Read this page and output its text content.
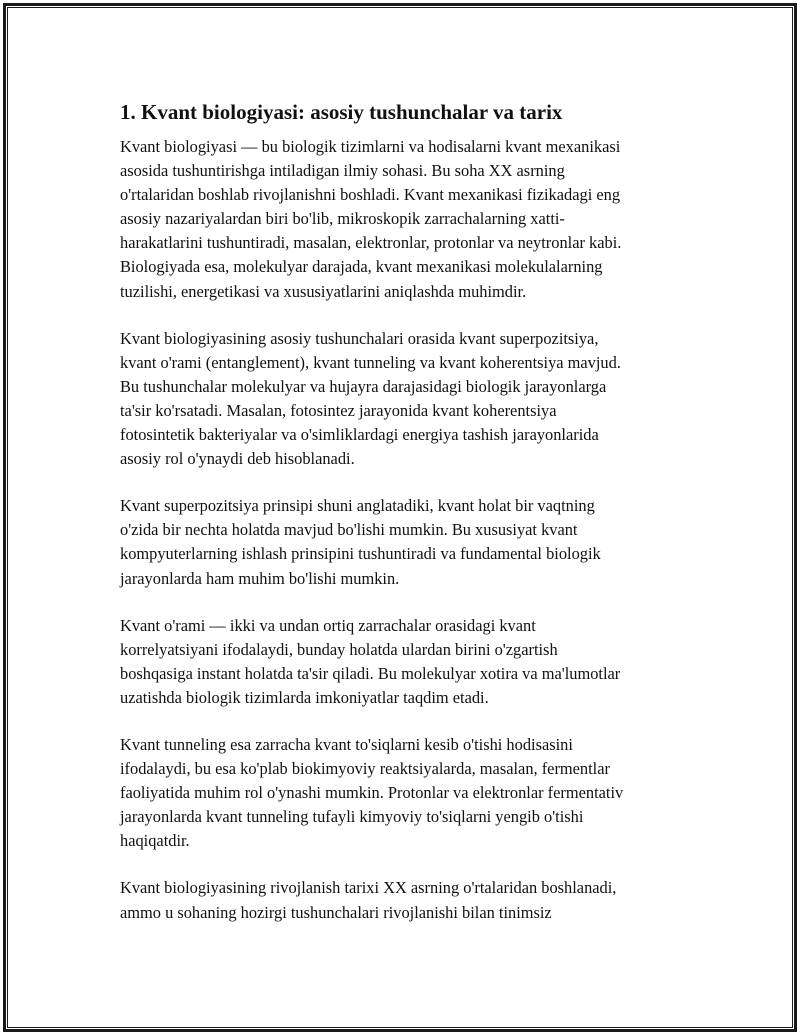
1. Kvant biologiyasi: asosiy tushunchalar va tarix

Kvant biologiyasi — bu biologik tizimlarni va hodisalarni kvant mexanikasi
asosida tushuntirishga intiladigan ilmiy sohasi. Bu soha XX asrning
o'rtalaridan boshlab rivojlanishni boshladi. Kvant mexanikasi fizikadagi eng
asosiy nazariyalardan biri bo'lib, mikroskopik zarrachalarning xatti-
harakatlarini tushuntiradi, masalan, elektronlar, protonlar va neytronlar kabi.
Biologiyada esa, molekulyar darajada, kvant mexanikasi molekulalarning
tuzilishi, energetikasi va xususiyatlarini aniqlashda muhimdir.

Kvant biologiyasining asosiy tushunchalari orasida kvant superpozitsiya,
kvant o'rami (entanglement), kvant tunneling va kvant koherentsiya mavjud.
Bu tushunchalar molekulyar va hujayra darajasidagi biologik jarayonlarga
ta'sir ko'rsatadi. Masalan, fotosintez jarayonida kvant koherentsiya
fotosintetik bakteriyalar va o'simliklardagi energiya tashish jarayonlarida
asosiy rol o'ynaydi deb hisoblanadi.

Kvant superpozitsiya prinsipi shuni anglatadiki, kvant holat bir vaqtning
o'zida bir nechta holatda mavjud bo'lishi mumkin. Bu xususiyat kvant
kompyuterlarning ishlash prinsipini tushuntiradi va fundamental biologik
jarayonlarda ham muhim bo'lishi mumkin.

Kvant o'rami — ikki va undan ortiq zarrachalar orasidagi kvant
korrelyatsiyani ifodalaydi, bunday holatda ulardan birini o'zgartish
boshqasiga instant holatda ta'sir qiladi. Bu molekulyar xotira va ma'lumotlar
uzatishda biologik tizimlarda imkoniyatlar taqdim etadi.

Kvant tunneling esa zarracha kvant to'siqlarni kesib o'tishi hodisasini
ifodalaydi, bu esa ko'plab biokimyoviy reaktsiyalarda, masalan, fermentlar
faoliyatida muhim rol o'ynashi mumkin. Protonlar va elektronlar fermentativ
jarayonlarda kvant tunneling tufayli kimyoviy to'siqlarni yengib o'tishi
haqiqatdir.

Kvant biologiyasining rivojlanish tarixi XX asrning o'rtalaridan boshlanadi,
ammo u sohaning hozirgi tushunchalari rivojlanishi bilan tinimsiz
